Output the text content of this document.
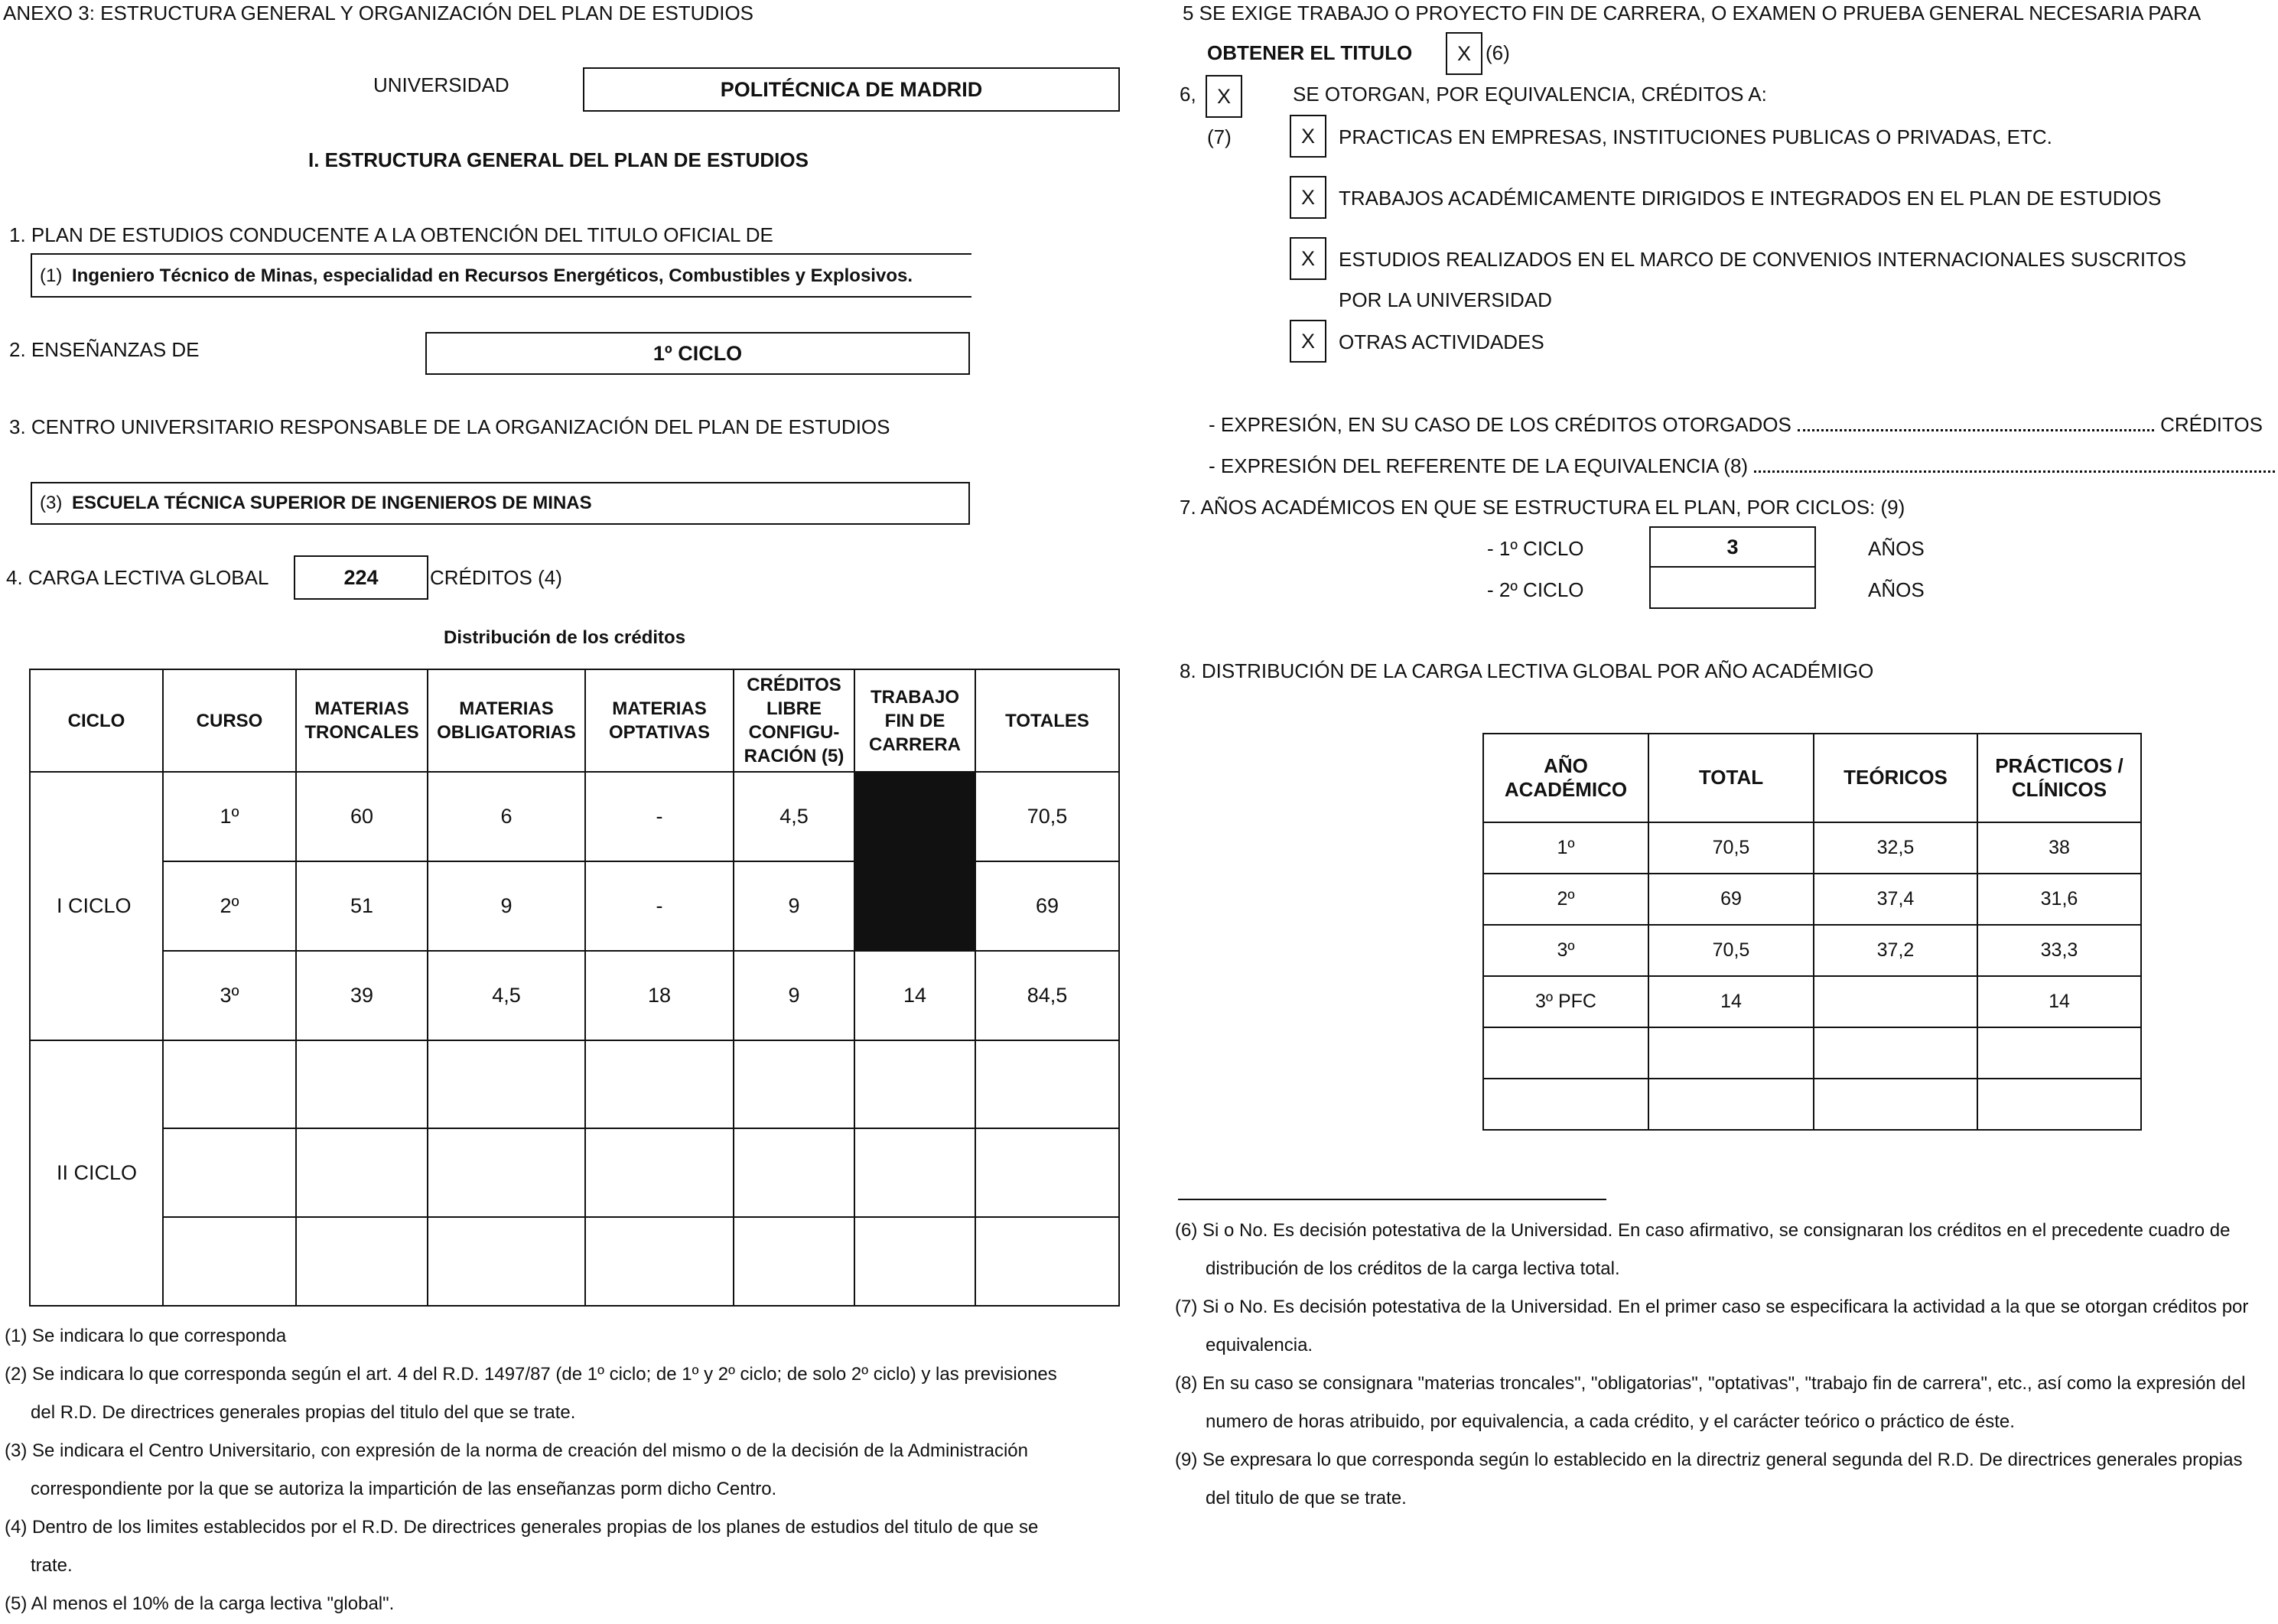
ANEXO 3: ESTRUCTURA GENERAL Y ORGANIZACIÓN DEL PLAN DE ESTUDIOS
UNIVERSIDAD	POLITÉCNICA DE MADRID
I. ESTRUCTURA GENERAL DEL PLAN DE ESTUDIOS
1. PLAN DE ESTUDIOS CONDUCENTE A LA OBTENCIÓN DEL TITULO OFICIAL DE
(1) Ingeniero Técnico de Minas, especialidad en Recursos Energéticos, Combustibles y Explosivos.
2. ENSEÑANZAS DE	1º CICLO
3. CENTRO UNIVERSITARIO RESPONSABLE DE LA ORGANIZACIÓN DEL PLAN DE ESTUDIOS
(3) ESCUELA TÉCNICA SUPERIOR DE INGENIEROS DE MINAS
4. CARGA LECTIVA GLOBAL	224	CRÉDITOS (4)
Distribución de los créditos
CICLO	CURSO	MATERIAS TRONCALES	MATERIAS OBLIGATORIAS	MATERIAS OPTATIVAS	CRÉDITOS LIBRE CONFIGU- RACIÓN (5)	TRABAJO FIN DE CARRERA	TOTALES
I CICLO	1º	60	6	-	4,5		70,5
	2º	51	9	-	9		69
	3º	39	4,5	18	9	14	84,5
II CICLO							

(1) Se indicara lo que corresponda

(2) Se indicara lo que corresponda según el art. 4 del R.D. 1497/87 (de 1º ciclo; de 1º y 2º ciclo; de solo 2º ciclo) y las previsiones del R.D. De directrices generales propias del titulo del que se trate.

(3) Se indicara el Centro Universitario, con expresión de la norma de creación del mismo o de la decisión de la Administración correspondiente por la que se autoriza la impartición de las enseñanzas porm dicho Centro.

(4) Dentro de los limites establecidos por el R.D. De directrices generales propias de los planes de estudios del titulo de que se trate.

(5) Al menos el 10% de la carga lectiva "global".

5 SE EXIGE TRABAJO O PROYECTO FIN DE CARRERA, O EXAMEN O PRUEBA GENERAL NECESARIA PARA
OBTENER EL TITULO	X (6)
6,	X	SE OTORGAN, POR EQUIVALENCIA, CRÉDITOS A:
(7)	X	PRACTICAS EN EMPRESAS, INSTITUCIONES PUBLICAS O PRIVADAS, ETC.
X	TRABAJOS ACADÉMICAMENTE DIRIGIDOS E INTEGRADOS EN EL PLAN DE ESTUDIOS
X	ESTUDIOS REALIZADOS EN EL MARCO DE CONVENIOS INTERNACIONALES SUSCRITOS
POR LA UNIVERSIDAD
X	OTRAS ACTIVIDADES
- EXPRESIÓN, EN SU CASO DE LOS CRÉDITOS OTORGADOS	CRÉDITOS
- EXPRESIÓN DEL REFERENTE DE LA EQUIVALENCIA (8)
7. AÑOS ACADÉMICOS EN QUE SE ESTRUCTURA EL PLAN, POR CICLOS: (9)
- 1º CICLO	3	AÑOS
- 2º CICLO	AÑOS
8. DISTRIBUCIÓN DE LA CARGA LECTIVA GLOBAL POR AÑO ACADÉMIGO
AÑO ACADÉMICO	TOTAL	TEÓRICOS	PRÁCTICOS / CLÍNICOS
1º	70,5	32,5	38
2º	69	37,4	31,6
3º	70,5	37,2	33,3
3º PFC	14		14

(6) Si o No. Es decisión potestativa de la Universidad. En caso afirmativo, se consignaran los créditos en el precedente cuadro de distribución de los créditos de la carga lectiva total.

(7) Si o No. Es decisión potestativa de la Universidad. En el primer caso se especificara la actividad a la que se otorgan créditos por equivalencia.

(8) En su caso se consignara "materias troncales", "obligatorias", "optativas", "trabajo fin de carrera", etc., así como la expresión del numero de horas atribuido, por equivalencia, a cada crédito, y el carácter teórico o práctico de éste.

(9) Se expresara lo que corresponda según lo establecido en la directriz general segunda del R.D. De directrices generales propias del titulo de que se trate.
